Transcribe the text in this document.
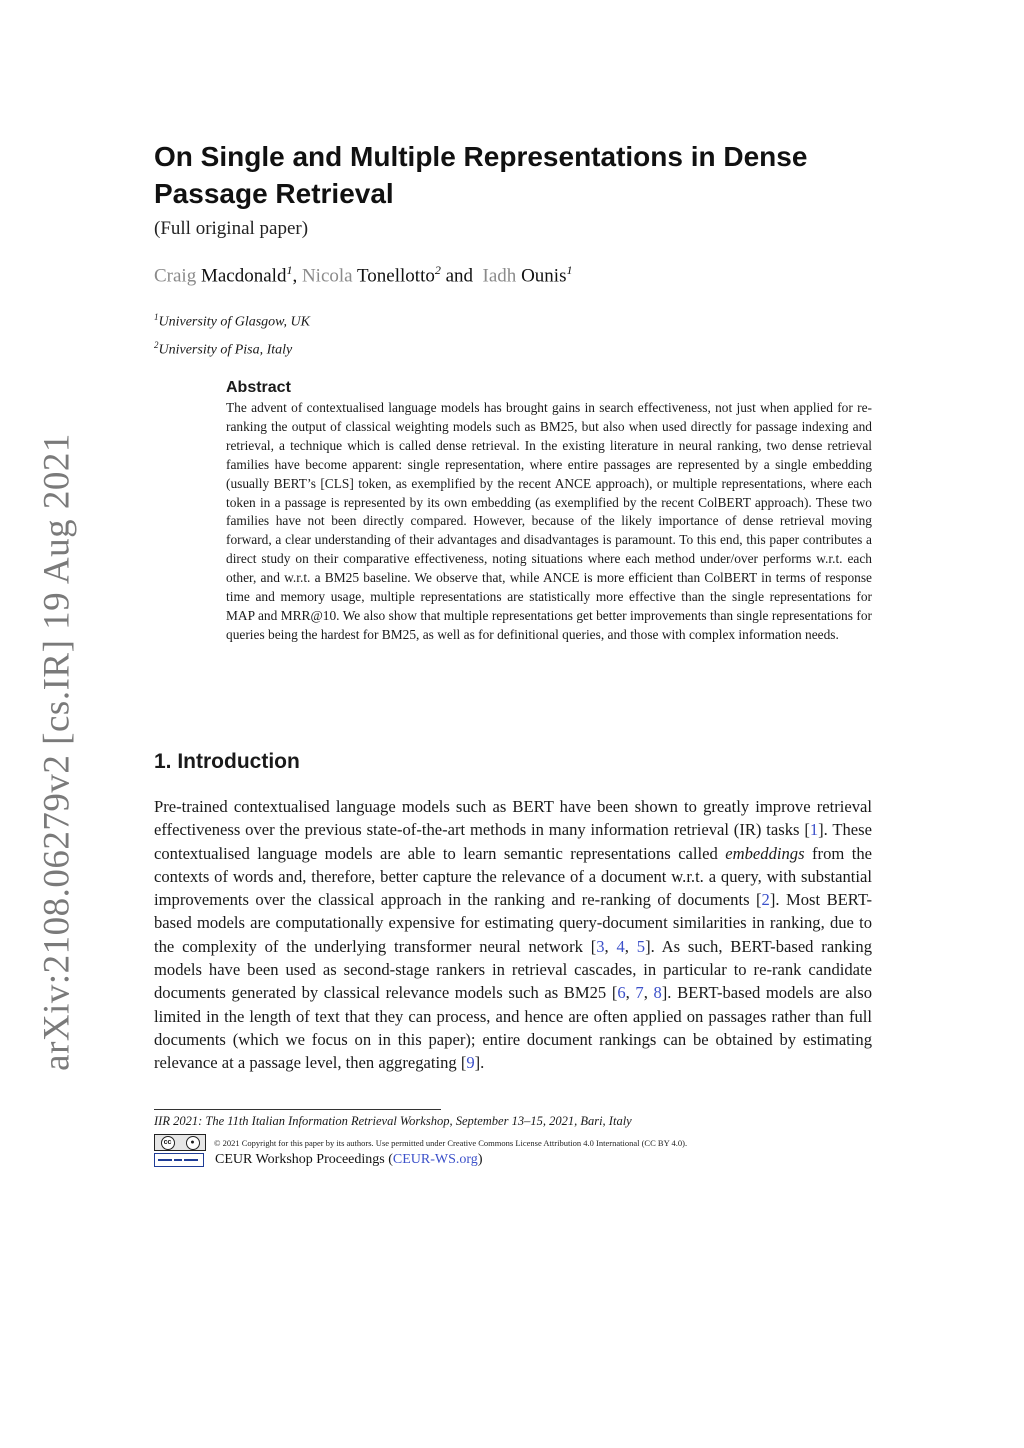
arXiv:2108.06279v2 [cs.IR] 19 Aug 2021
On Single and Multiple Representations in Dense Passage Retrieval
(Full original paper)
Craig Macdonald$^1$, Nicola Tonellotto$^2$ and  Iadh Ounis$^1$
$^1$University of Glasgow, UK
$^2$University of Pisa, Italy
Abstract

The advent of contextualised language models has brought gains in search effectiveness, not just when applied for re-ranking the output of classical weighting models such as BM25, but also when used directly for passage indexing and retrieval, a technique which is called dense retrieval. In the existing literature in neural ranking, two dense retrieval families have become apparent: single representation, where entire passages are represented by a single embedding (usually BERT’s [CLS] token, as exemplified by the recent ANCE approach), or multiple representations, where each token in a passage is represented by its own embedding (as exemplified by the recent ColBERT approach). These two families have not been directly compared. However, because of the likely importance of dense retrieval moving forward, a clear understanding of their advantages and disadvantages is paramount. To this end, this paper contributes a direct study on their comparative effectiveness, noting situations where each method under/over performs w.r.t. each other, and w.r.t. a BM25 baseline. We observe that, while ANCE is more efficient than ColBERT in terms of response time and memory usage, multiple representations are statistically more effective than the single representations for MAP and MRR@10. We also show that multiple representations get better improvements than single representations for queries being the hardest for BM25, as well as for definitional queries, and those with complex information needs.

1. Introduction

Pre-trained contextualised language models such as BERT have been shown to greatly improve retrieval effectiveness over the previous state-of-the-art methods in many information retrieval (IR) tasks [1]. These contextualised language models are able to learn semantic representations called embeddings from the contexts of words and, therefore, better capture the relevance of a document w.r.t. a query, with substantial improvements over the classical approach in the ranking and re-ranking of documents [2]. Most BERT-based models are computationally expensive for estimating query-document similarities in ranking, due to the complexity of the underlying transformer neural network [3, 4, 5]. As such, BERT-based ranking models have been used as second-stage rankers in retrieval cascades, in particular to re-rank candidate documents generated by classical relevance models such as BM25 [6, 7, 8]. BERT-based models are also limited in the length of text that they can process, and hence are often applied on passages rather than full documents (which we focus on in this paper); entire document rankings can be obtained by estimating relevance at a passage level, then aggregating [9].

IIR 2021: The 11th Italian Information Retrieval Workshop, September 13–15, 2021, Bari, Italy
cc	●	© 2021 Copyright for this paper by its authors. Use permitted under Creative Commons License Attribution 4.0 International (CC BY 4.0).
CEUR Workshop Proceedings (CEUR-WS.org)
